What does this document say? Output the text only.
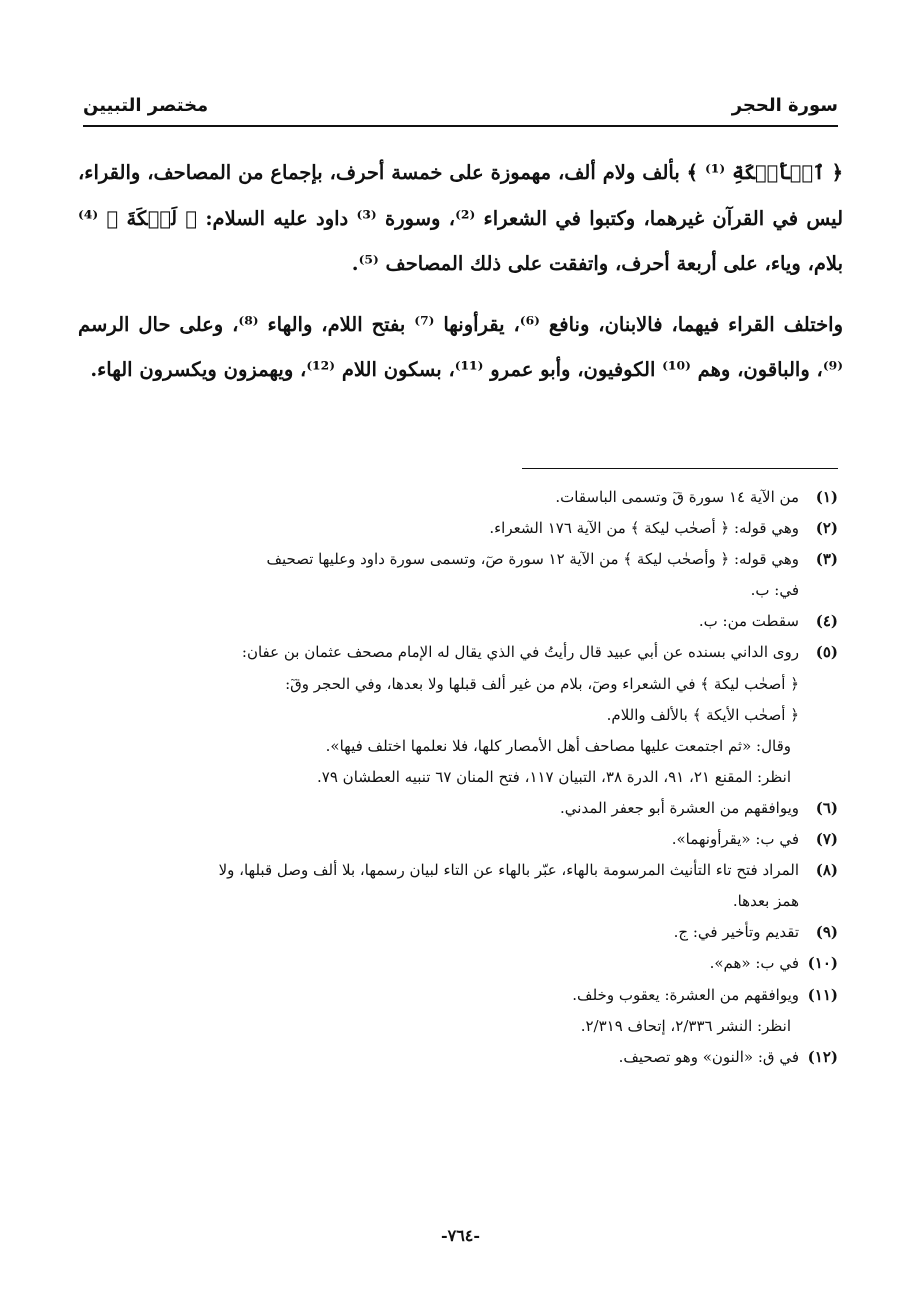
سورة الحجر
مختصر التبيين

﴿ ٱلۡأَيۡكَةِ ⁽¹⁾ ﴾ بألف ولام ألف، مهموزة على خمسة أحرف، بإجماع من المصاحف، والقراء، ليس في القرآن غيرهما، وكتبوا في الشعراء ⁽²⁾، وسورة ⁽³⁾ داود عليه السلام: ﴿ لَيۡكَةَ ﴾ ⁽⁴⁾ بلام، وياء، على أربعة أحرف، واتفقت على ذلك المصاحف ⁽⁵⁾.

واختلف القراء فيهما، فالابنان، ونافع ⁽⁶⁾، يقرأونها ⁽⁷⁾ بفتح اللام، والهاء ⁽⁸⁾، وعلى حال الرسم ⁽⁹⁾، والباقون، وهم ⁽¹⁰⁾ الكوفيون، وأبو عمرو ⁽¹¹⁾، بسكون اللام ⁽¹²⁾، ويهمزون ويكسرون الهاء.

(١)
من الآية ١٤ سورة قٓ وتسمى الباسقات.
(٢)
وهي قوله: ﴿ أصحٰب ليكة ﴾ من الآية ١٧٦ الشعراء.
(٣)
وهي قوله: ﴿ وأصحٰب ليكة ﴾ من الآية ١٢ سورة صٓ، وتسمى سورة داود وعليها تصحيف
في: ب.
(٤)
سقطت من: ب.
(٥)
روى الداني بسنده عن أبي عبيد قال رأيتُ في الذي يقال له الإمام مصحف عثمان بن عفان:
﴿ أصحٰب ليكة ﴾ في الشعراء وصٓ، بلام من غير ألف قبلها ولا بعدها، وفي الحجر وقٓ:
﴿ أصحٰب الأيكة ﴾ بالألف واللام.
وقال: «ثم اجتمعت عليها مصاحف أهل الأمصار كلها، فلا نعلمها اختلف فيها».
انظر: المقنع ٢١، ٩١، الدرة ٣٨، التبيان ١١٧، فتح المنان ٦٧ تنبيه العطشان ٧٩.
(٦)
ويوافقهم من العشرة أبو جعفر المدني.
(٧)
في ب: «يقرأونهما».
(٨)
المراد فتح تاء التأنيث المرسومة بالهاء، عبّر بالهاء عن التاء لبيان رسمها، بلا ألف وصل قبلها، ولا
همز بعدها.
(٩)
تقديم وتأخير في: ج.
(١٠)
في ب: «هم».
(١١)
ويوافقهم من العشرة: يعقوب وخلف.
انظر: النشر ٢/٣٣٦، إتحاف ٢/٣١٩.
(١٢)
في ق: «النون» وهو تصحيف.
-٧٦٤-
